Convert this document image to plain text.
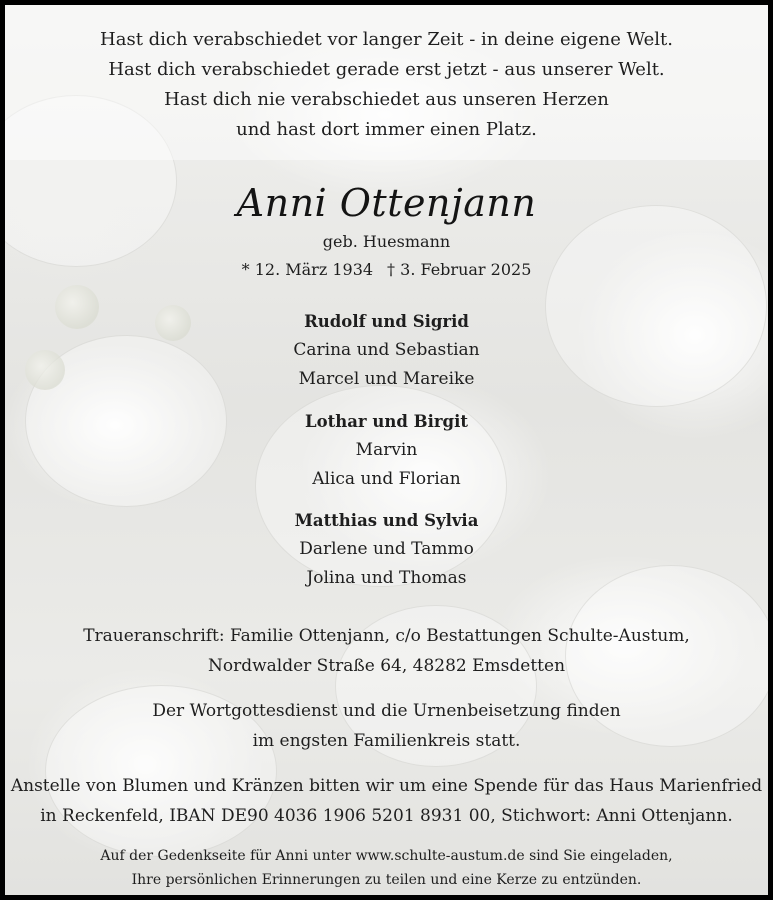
Hast dich verabschiedet vor langer Zeit - in deine eigene Welt.
Hast dich verabschiedet gerade erst jetzt - aus unserer Welt.
Hast dich nie verabschiedet aus unseren Herzen
und hast dort immer einen Platz.
Anni Ottenjann
geb. Huesmann
* 12. März 1934 † 3. Februar 2025
Rudolf und Sigrid
Carina und Sebastian
Marcel und Mareike
Lothar und Birgit
Marvin
Alica und Florian
Matthias und Sylvia
Darlene und Tammo
Jolina und Thomas
Traueranschrift: Familie Ottenjann, c/o Bestattungen Schulte-Austum,
Nordwalder Straße 64, 48282 Emsdetten
Der Wortgottesdienst und die Urnenbeisetzung finden
im engsten Familienkreis statt.
Anstelle von Blumen und Kränzen bitten wir um eine Spende für das Haus Marienfried
in Reckenfeld, IBAN DE90 4036 1906 5201 8931 00, Stichwort: Anni Ottenjann.
Auf der Gedenkseite für Anni unter www.schulte-austum.de sind Sie eingeladen,
Ihre persönlichen Erinnerungen zu teilen und eine Kerze zu entzünden.
